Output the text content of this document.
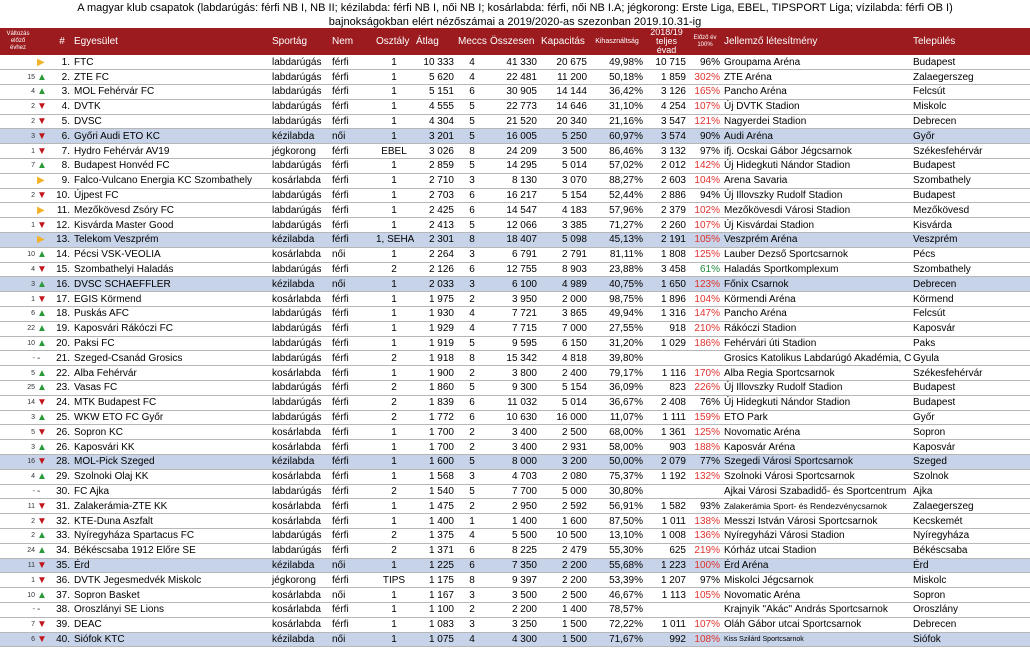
A magyar klub csapatok (labdarúgás: férfi NB I, NB II; kézilabda: férfi NB I, női NB I; kosárlabda: férfi, női NB I.A; jégkorong: Erste Liga, EBEL, TIPSPORT Liga; vízilabda: férfi OB I)
bajnokságokban elért nézőszámai a 2019/2020-as szezonban 2019.10.31-ig
Változás előző évhez		#	Egyesület	Sportág	Nem	Osztály	Átlag	Meccs	Összesen	Kapacitás	Kihasználtság	2018/19 teljes évad	Előző év 100%	Jellemző létesítmény	Település	
	▶	1.	FTC	labdarúgás	férfi	1	10 333	4	41 330	20 675	49,98%	10 715	96%	Groupama Aréna	Budapest	
15	▲	2.	ZTE FC	labdarúgás	férfi	1	5 620	4	22 481	11 200	50,18%	1 859	302%	ZTE Aréna	Zalaegerszeg	
4	▲	3.	MOL Fehérvár FC	labdarúgás	férfi	1	5 151	6	30 905	14 144	36,42%	3 126	165%	Pancho Aréna	Felcsút	
2	▼	4.	DVTK	labdarúgás	férfi	1	4 555	5	22 773	14 646	31,10%	4 254	107%	Új DVTK Stadion	Miskolc	
2	▼	5.	DVSC	labdarúgás	férfi	1	4 304	5	21 520	20 340	21,16%	3 547	121%	Nagyerdei Stadion	Debrecen	
3	▼	6.	Győri Audi ETO KC	kézilabda	női	1	3 201	5	16 005	5 250	60,97%	3 574	90%	Audi Aréna	Győr	
1	▼	7.	Hydro Fehérvár AV19	jégkorong	férfi	EBEL	3 026	8	24 209	3 500	86,46%	3 132	97%	ifj. Ocskai Gábor Jégcsarnok	Székesfehérvár	
7	▲	8.	Budapest Honvéd FC	labdarúgás	férfi	1	2 859	5	14 295	5 014	57,02%	2 012	142%	Új Hidegkuti Nándor Stadion	Budapest	
	▶	9.	Falco-Vulcano Energia KC Szombathely	kosárlabda	férfi	1	2 710	3	8 130	3 070	88,27%	2 603	104%	Arena Savaria	Szombathely	
2	▼	10.	Újpest FC	labdarúgás	férfi	1	2 703	6	16 217	5 154	52,44%	2 886	94%	Új Illovszky Rudolf Stadion	Budapest	
	▶	11.	Mezőkövesd Zsóry FC	labdarúgás	férfi	1	2 425	6	14 547	4 183	57,96%	2 379	102%	Mezőkövesdi Városi Stadion	Mezőkövesd	
1	▼	12.	Kisvárda Master Good	labdarúgás	férfi	1	2 413	5	12 066	3 385	71,27%	2 260	107%	Új Kisvárdai Stadion	Kisvárda	
	▶	13.	Telekom Veszprém	kézilabda	férfi	1, SEHA	2 301	8	18 407	5 098	45,13%	2 191	105%	Veszprém Aréna	Veszprém	
10	▲	14.	Pécsi VSK-VEOLIA	kosárlabda	női	1	2 264	3	6 791	2 791	81,11%	1 808	125%	Lauber Dezső Sportcsarnok	Pécs	
4	▼	15.	Szombathelyi Haladás	labdarúgás	férfi	2	2 126	6	12 755	8 903	23,88%	3 458	61%	Haladás Sportkomplexum	Szombathely	
3	▲	16.	DVSC SCHAEFFLER	kézilabda	női	1	2 033	3	6 100	4 989	40,75%	1 650	123%	Főnix Csarnok	Debrecen	
1	▼	17.	EGIS Körmend	kosárlabda	férfi	1	1 975	2	3 950	2 000	98,75%	1 896	104%	Körmendi Aréna	Körmend	
6	▲	18.	Puskás AFC	labdarúgás	férfi	1	1 930	4	7 721	3 865	49,94%	1 316	147%	Pancho Aréna	Felcsút	
22	▲	19.	Kaposvári Rákóczi FC	labdarúgás	férfi	1	1 929	4	7 715	7 000	27,55%	918	210%	Rákóczi Stadion	Kaposvár	
10	▲	20.	Paksi FC	labdarúgás	férfi	1	1 919	5	9 595	6 150	31,20%	1 029	186%	Fehérvári úti Stadion	Paks	
-	-	21.	Szeged-Csanád Grosics	labdarúgás	férfi	2	1 918	8	15 342	4 818	39,80%			Grosics Katolikus Labdarúgó Akadémia, C	Gyula	
5	▲	22.	Alba Fehérvár	kosárlabda	férfi	1	1 900	2	3 800	2 400	79,17%	1 116	170%	Alba Regia Sportcsarnok	Székesfehérvár	
25	▲	23.	Vasas FC	labdarúgás	férfi	2	1 860	5	9 300	5 154	36,09%	823	226%	Új Illovszky Rudolf Stadion	Budapest	
14	▼	24.	MTK Budapest FC	labdarúgás	férfi	2	1 839	6	11 032	5 014	36,67%	2 408	76%	Új Hidegkuti Nándor Stadion	Budapest	
3	▲	25.	WKW ETO FC Győr	labdarúgás	férfi	2	1 772	6	10 630	16 000	11,07%	1 111	159%	ETO Park	Győr	
5	▼	26.	Sopron KC	kosárlabda	férfi	1	1 700	2	3 400	2 500	68,00%	1 361	125%	Novomatic Aréna	Sopron	
3	▲	26.	Kaposvári KK	kosárlabda	férfi	1	1 700	2	3 400	2 931	58,00%	903	188%	Kaposvár Aréna	Kaposvár	
16	▼	28.	MOL-Pick Szeged	kézilabda	férfi	1	1 600	5	8 000	3 200	50,00%	2 079	77%	Szegedi Városi Sportcsarnok	Szeged	
4	▲	29.	Szolnoki Olaj KK	kosárlabda	férfi	1	1 568	3	4 703	2 080	75,37%	1 192	132%	Szolnoki Városi Sportcsarnok	Szolnok	
-	-	30.	FC Ajka	labdarúgás	férfi	2	1 540	5	7 700	5 000	30,80%			Ajkai Városi Szabadidő- és Sportcentrum	Ajka	
11	▼	31.	Zalakerámia-ZTE KK	kosárlabda	férfi	1	1 475	2	2 950	2 592	56,91%	1 582	93%	Zalakerámia Sport- és Rendezvénycsarnok	Zalaegerszeg	
2	▼	32.	KTE-Duna Aszfalt	kosárlabda	férfi	1	1 400	1	1 400	1 600	87,50%	1 011	138%	Messzi István Városi Sportcsarnok	Kecskemét	
2	▲	33.	Nyíregyháza Spartacus FC	labdarúgás	férfi	2	1 375	4	5 500	10 500	13,10%	1 008	136%	Nyíregyházi Városi Stadion	Nyíregyháza	
24	▲	34.	Békéscsaba 1912 Előre SE	labdarúgás	férfi	2	1 371	6	8 225	2 479	55,30%	625	219%	Kórház utcai Stadion	Békéscsaba	
11	▼	35.	Érd	kézilabda	női	1	1 225	6	7 350	2 200	55,68%	1 223	100%	Érd Aréna	Érd	
1	▼	36.	DVTK Jegesmedvék Miskolc	jégkorong	férfi	TIPS	1 175	8	9 397	2 200	53,39%	1 207	97%	Miskolci Jégcsarnok	Miskolc	
10	▲	37.	Sopron Basket	kosárlabda	női	1	1 167	3	3 500	2 500	46,67%	1 113	105%	Novomatic Aréna	Sopron	
-	-	38.	Oroszlányi SE Lions	kosárlabda	férfi	1	1 100	2	2 200	1 400	78,57%			Krajnyik ''Akác'' András Sportcsarnok	Oroszlány	
7	▼	39.	DEAC	kosárlabda	férfi	1	1 083	3	3 250	1 500	72,22%	1 011	107%	Oláh Gábor utcai Sportcsarnok	Debrecen	
6	▼	40.	Siófok KTC	kézilabda	női	1	1 075	4	4 300	1 500	71,67%	992	108%	Kiss Szilárd Sportcsarnok	Siófok	
